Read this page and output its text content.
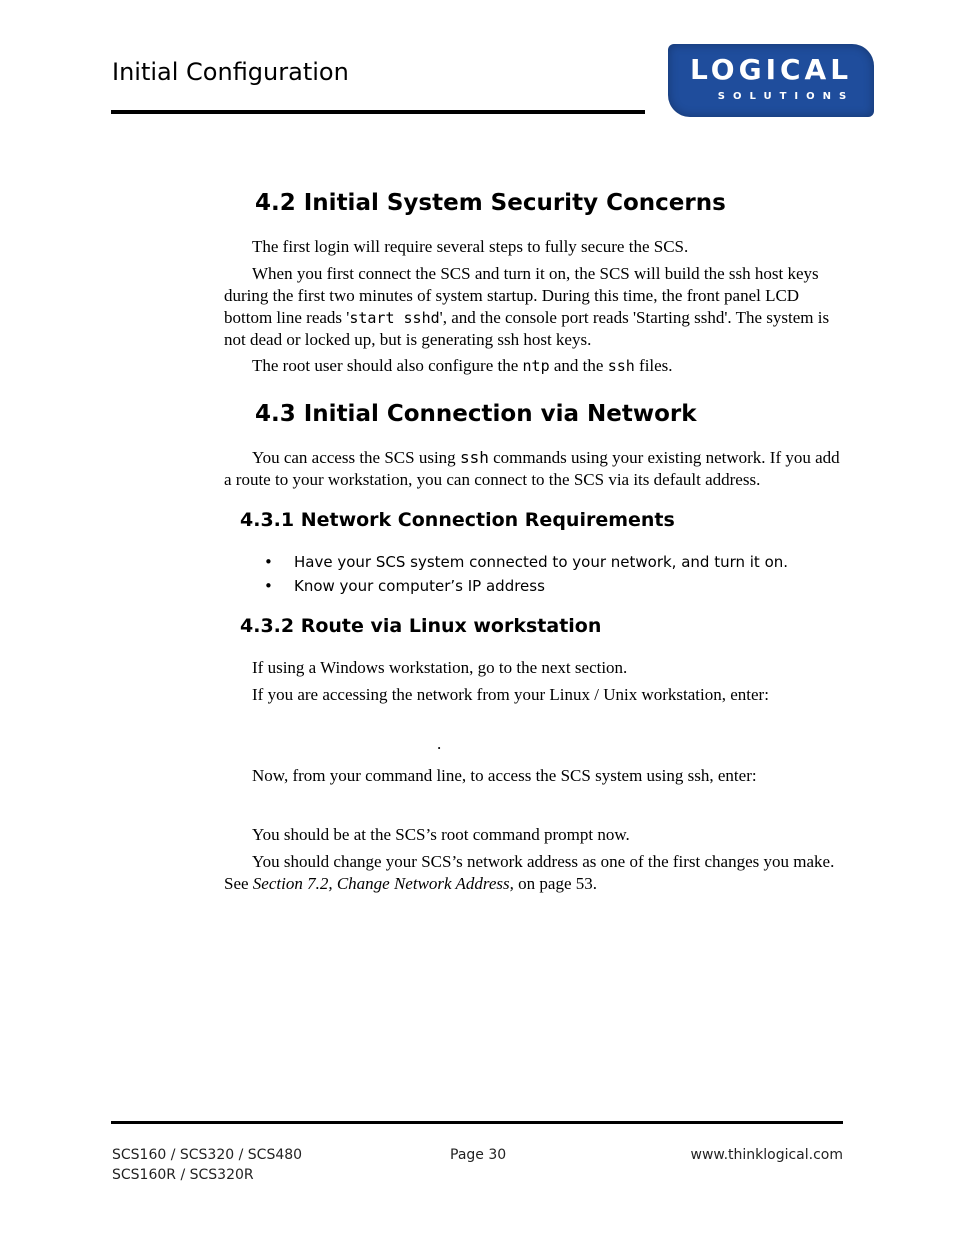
Initial Configuration	LOGICAL
SOLUTIONS
4.2 Initial System Security Concerns

The first login will require several steps to fully secure the SCS.

When you first connect the SCS and turn it on, the SCS will build the ssh host keys during the first two minutes of system startup. During this time, the front panel LCD bottom line reads 'start sshd', and the console port reads 'Starting sshd'. The system is not dead or locked up, but is generating ssh host keys.

The root user should also configure the ntp and the ssh files.

4.3 Initial Connection via Network

You can access the SCS using ssh commands using your existing network. If you add a route to your workstation, you can connect to the SCS via its default address.

4.3.1 Network Connection Requirements
• Have your SCS system connected to your network, and turn it on.
• Know your computer’s IP address
4.3.2 Route via Linux workstation

If using a Windows workstation, go to the next section.

If you are accessing the network from your Linux / Unix workstation, enter:

.

Now, from your command line, to access the SCS system using ssh, enter:

You should be at the SCS’s root command prompt now.

You should change your SCS’s network address as one of the first changes you make. See Section 7.2, Change Network Address, on page 53.

SCS160 / SCS320 / SCS480
SCS160R / SCS320R
Page 30	www.thinklogical.com
